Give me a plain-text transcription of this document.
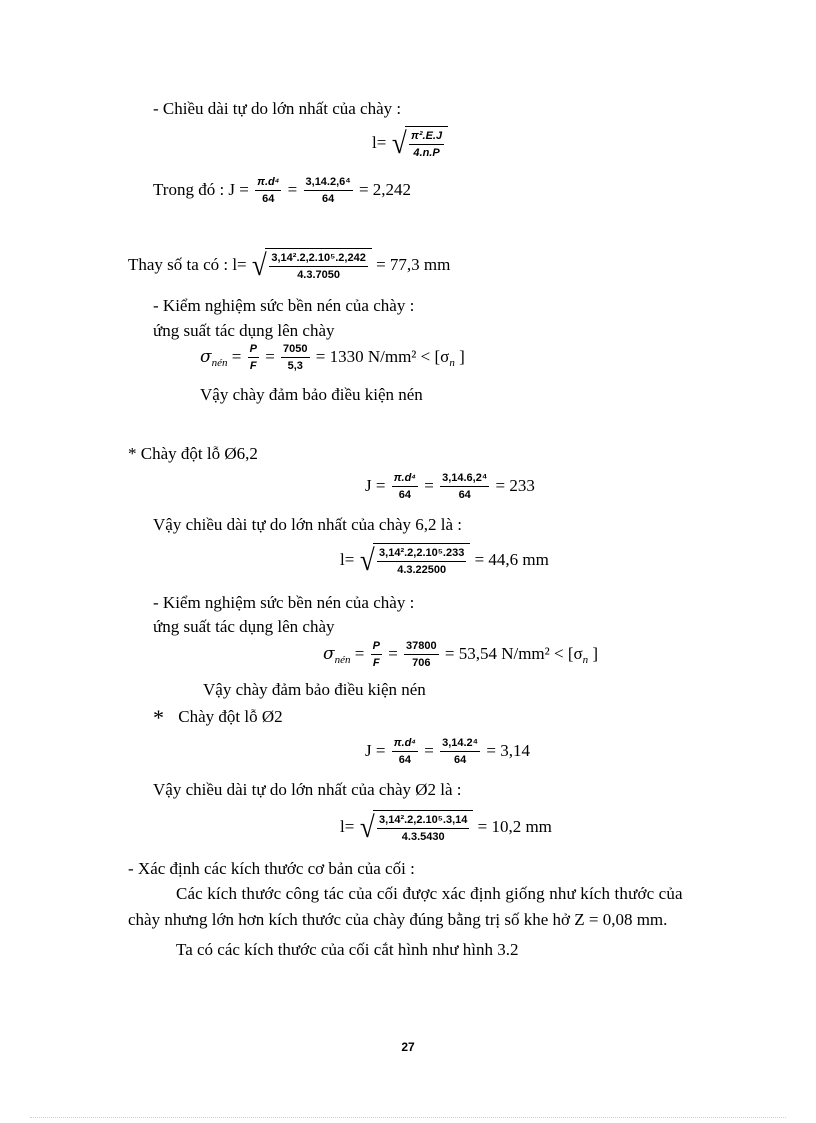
- Chiều dài tự do lớn nhất của chày :
l= √ $\frac{\text{π².E.J}}{4.n.P}$
Trong đó : $J = \frac{\text{π.d⁴}}{64} = \frac{\text{3,14.2,6⁴}}{64} = 2,242$
Thay số ta có : l= √ $\frac{\text{3,14².2,2.10⁵.2,242}}{4.3.7050} = 77,3$ mm
- Kiểm nghiệm sức bền nén của chày :
ứng suất tác dụng lên chày
$\sigma_{nén} = \frac{P}{F} = \frac{7050}{5,3} = 1330$ $N/mm^2 < [\sigma_n$ ]
Vậy chày đảm bảo điều kiện nén
* Chày đột lỗ Ø6,2
$J = \frac{\text{π.d⁴}}{64} = \frac{\text{3,14.6,2⁴}}{64} = 233$
Vậy chiều dài tự do lớn nhất của chày 6,2 là :
l= √ $\frac{\text{3,14².2,2.10⁵.233}}{4.3.22500} = 44,6$ mm
- Kiểm nghiệm sức bền nén của chày :
ứng suất tác dụng lên chày
$\sigma_{nén} = \frac{P}{F} = \frac{37800}{706} = 53,54$ $N/mm^2 < [\sigma_n$ ]
Vậy chày đảm bảo điều kiện nén
* Chày đột lỗ Ø2
$J = \frac{\text{π.d⁴}}{64} = \frac{\text{3,14.2⁴}}{64} = 3,14$
Vậy chiều dài tự do lớn nhất của chày Ø2 là :
l= √ $\frac{\text{3,14².2,2.10⁵.3,14}}{4.3.5430} = 10,2$ mm
- Xác định các kích thước cơ bản của cối :
Các kích thước công tác của cối được xác định giống như kích thước của
chày nhưng lớn hơn kích thước của chày đúng bằng trị số khe hở Z = 0,08 mm.
Ta có các kích thước của cối cắt hình như hình 3.2
27
